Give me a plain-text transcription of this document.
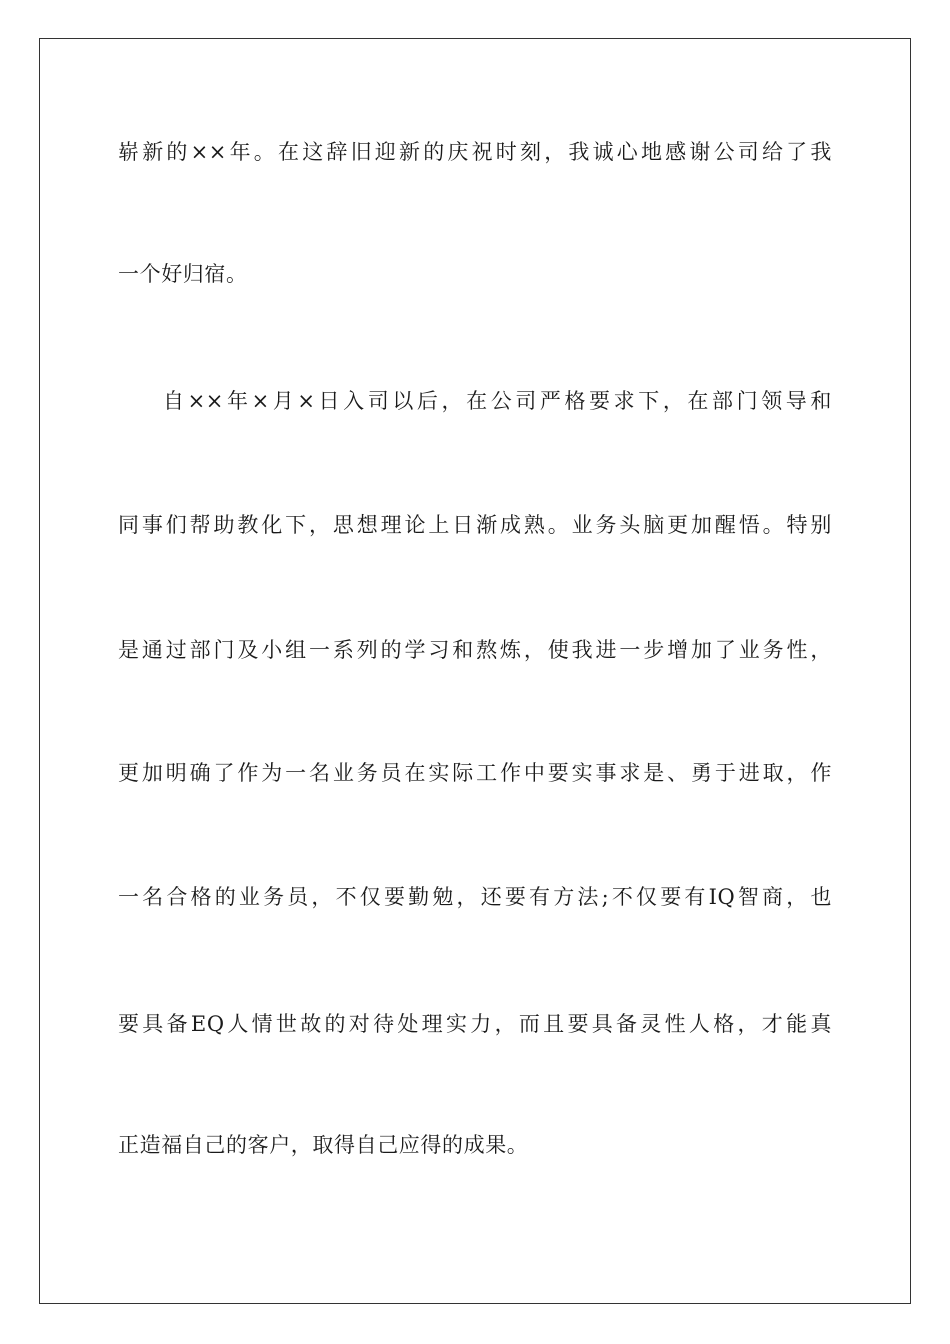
崭新的××年。在这辞旧迎新的庆祝时刻，我诚心地感谢公司给了我
一个好归宿。
自××年×月×日入司以后，在公司严格要求下，在部门领导和
同事们帮助教化下，思想理论上日渐成熟。业务头脑更加醒悟。特别
是通过部门及小组一系列的学习和熬炼，使我进一步增加了业务性，
更加明确了作为一名业务员在实际工作中要实事求是、勇于进取，作
一名合格的业务员，不仅要勤勉，还要有方法;不仅要有IQ智商，也
要具备EQ人情世故的对待处理实力，而且要具备灵性人格，才能真
正造福自己的客户，取得自己应得的成果。
